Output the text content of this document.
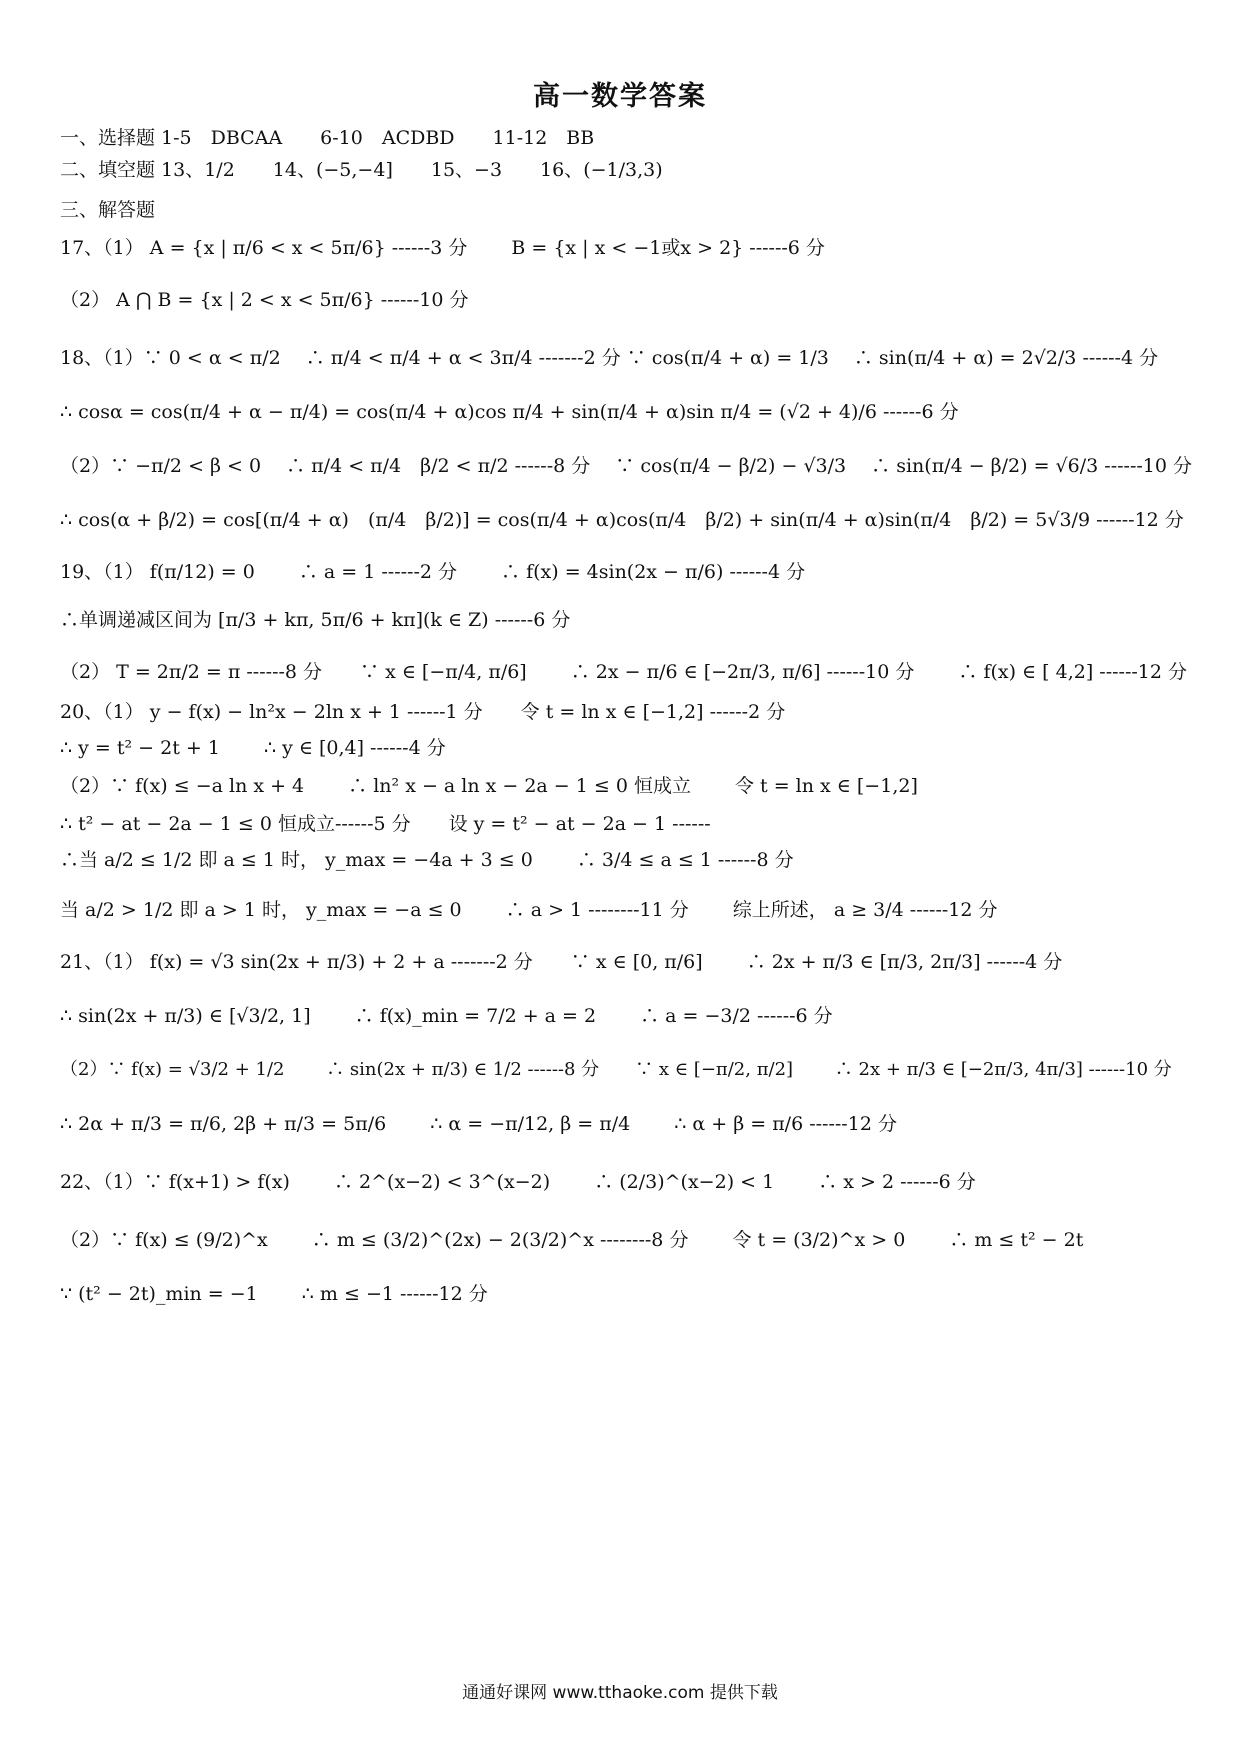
高一数学答案
一、选择题 1-5　DBCAA　　6-10　ACDBD　　11-12　BB
二、填空题 13、1/2　　14、(−5,−4]　　15、−3　　16、(−1/3,3)
三、解答题
17、（1） A = {x | π/6 < x < 5π/6} ------3 分　　 B = {x | x < −1或x > 2} ------6 分
（2） A ⋂ B = {x | 2 < x < 5π/6} ------10 分
18、（1）∵ 0 < α < π/2　 ∴ π/4 < π/4 + α < 3π/4 -------2 分 ∵ cos(π/4 + α) = 1/3　 ∴ sin(π/4 + α) = 2√2/3 ------4 分
∴ cosα = cos(π/4 + α − π/4) = cos(π/4 + α)cos π/4 + sin(π/4 + α)sin π/4 = (√2 + 4)/6 ------6 分
（2）∵ −π/2 < β < 0　 ∴ π/4 < π/4　β/2 < π/2 ------8 分　 ∵ cos(π/4 − β/2) − √3/3　 ∴ sin(π/4 − β/2) = √6/3 ------10 分
∴ cos(α + β/2) = cos[(π/4 + α)　(π/4　β/2)] = cos(π/4 + α)cos(π/4　β/2) + sin(π/4 + α)sin(π/4　β/2) = 5√3/9 ------12 分
19、（1） f(π/12) = 0　　 ∴ a = 1 ------2 分　　 ∴ f(x) = 4sin(2x − π/6) ------4 分
∴单调递减区间为 [π/3 + kπ, 5π/6 + kπ](k ∈ Z) ------6 分
（2） T = 2π/2 = π ------8 分　　∵ x ∈ [−π/4, π/6]　　 ∴ 2x − π/6 ∈ [−2π/3, π/6] ------10 分　　 ∴ f(x) ∈ [ 4,2] ------12 分
20、（1） y − f(x) − ln²x − 2ln x + 1 ------1 分　　令 t = ln x ∈ [−1,2] ------2 分
∴ y = t² − 2t + 1　　 ∴ y ∈ [0,4] ------4 分
（2）∵ f(x) ≤ −a ln x + 4　　 ∴ ln² x − a ln x − 2a − 1 ≤ 0 恒成立　　 令 t = ln x ∈ [−1,2]
∴ t² − at − 2a − 1 ≤ 0 恒成立------5 分　　设 y = t² − at − 2a − 1 ------
∴当 a/2 ≤ 1/2 即 a ≤ 1 时， y_max = −4a + 3 ≤ 0　　 ∴ 3/4 ≤ a ≤ 1 ------8 分
当 a/2 > 1/2 即 a > 1 时， y_max = −a ≤ 0　　 ∴ a > 1 --------11 分　　 综上所述， a ≥ 3/4 ------12 分
21、（1） f(x) = √3 sin(2x + π/3) + 2 + a -------2 分　　∵ x ∈ [0, π/6]　　 ∴ 2x + π/3 ∈ [π/3, 2π/3] ------4 分
∴ sin(2x + π/3) ∈ [√3/2, 1]　　 ∴ f(x)_min = 7/2 + a = 2　　 ∴ a = −3/2 ------6 分
（2）∵ f(x) = √3/2 + 1/2　　 ∴ sin(2x + π/3) ∈ 1/2 ------8 分　　∵ x ∈ [−π/2, π/2]　　 ∴ 2x + π/3 ∈ [−2π/3, 4π/3] ------10 分
∴ 2α + π/3 = π/6, 2β + π/3 = 5π/6　　 ∴ α = −π/12, β = π/4　　 ∴ α + β = π/6 ------12 分
22、（1）∵ f(x+1) > f(x)　　 ∴ 2^(x−2) < 3^(x−2)　　 ∴ (2/3)^(x−2) < 1　　 ∴ x > 2 ------6 分
（2）∵ f(x) ≤ (9/2)^x　　 ∴ m ≤ (3/2)^(2x) − 2(3/2)^x --------8 分　　 令 t = (3/2)^x > 0　　 ∴ m ≤ t² − 2t
∵ (t² − 2t)_min = −1　　 ∴ m ≤ −1 ------12 分
通通好课网 www.tthaoke.com 提供下载
